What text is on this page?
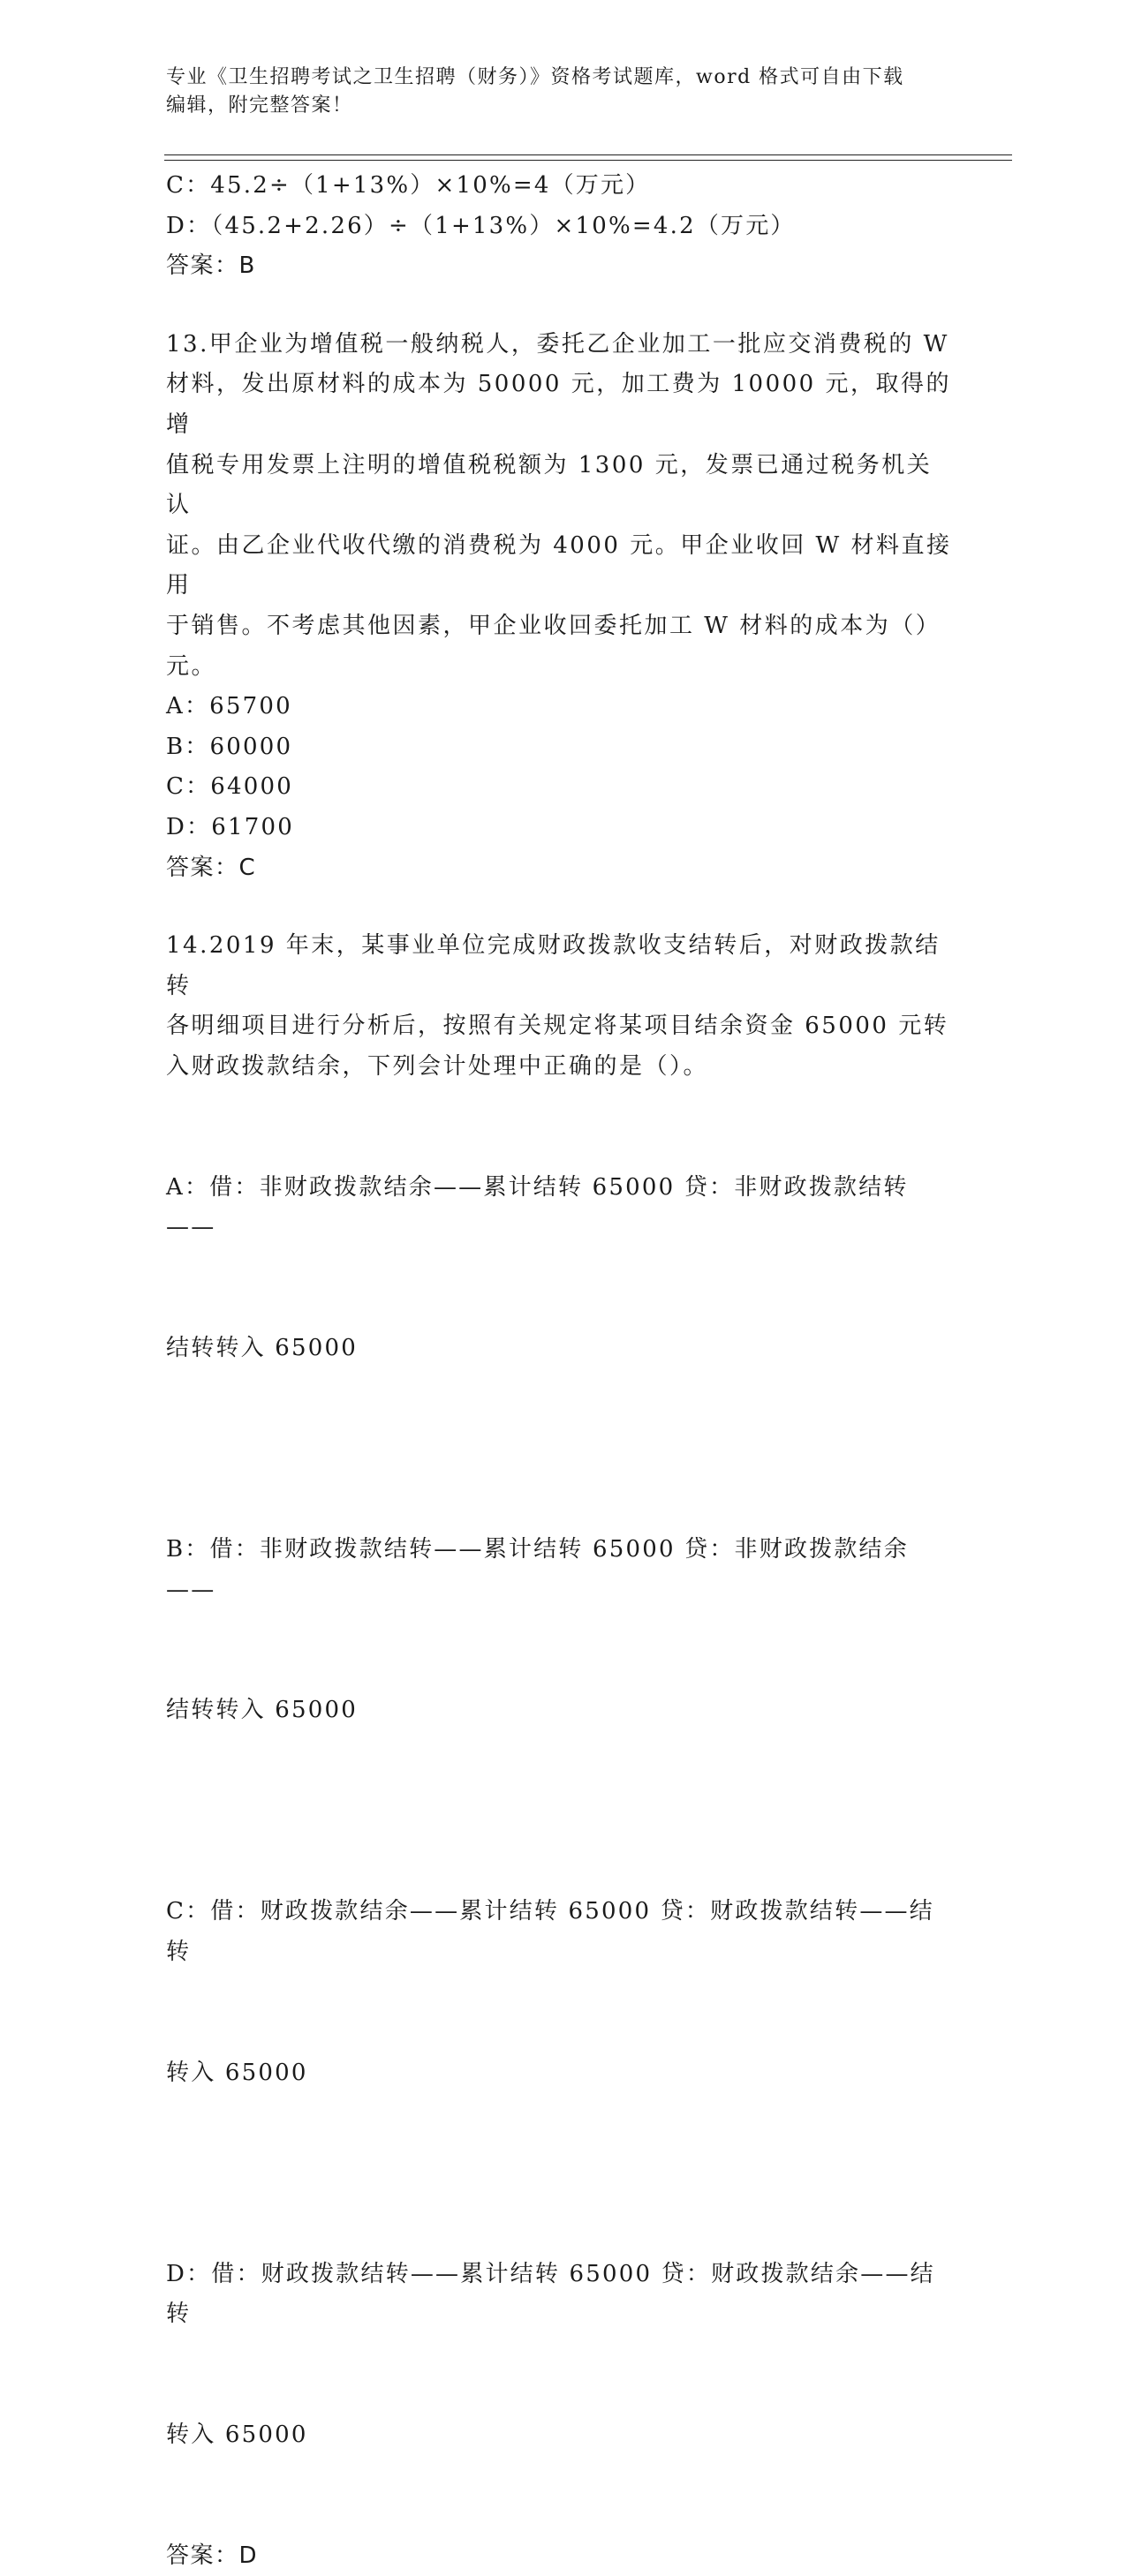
专业《卫生招聘考试之卫生招聘（财务）》资格考试题库，word 格式可自由下载
编辑，附完整答案！
C：45.2÷（1+13%）×10%=4（万元）
D：（45.2+2.26）÷（1+13%）×10%=4.2（万元）
答案：B
13.甲企业为增值税一般纳税人，委托乙企业加工一批应交消费税的 W
材料，发出原材料的成本为 50000 元，加工费为 10000 元，取得的增
值税专用发票上注明的增值税税额为 1300 元，发票已通过税务机关认
证。由乙企业代收代缴的消费税为 4000 元。甲企业收回 W 材料直接用
于销售。不考虑其他因素，甲企业收回委托加工 W 材料的成本为（）
元。
A：65700
B：60000
C：64000
D：61700
答案：C
14.2019 年末，某事业单位完成财政拨款收支结转后，对财政拨款结转
各明细项目进行分析后，按照有关规定将某项目结余资金 65000 元转
入财政拨款结余，下列会计处理中正确的是（）。

A：借：非财政拨款结余——累计结转 65000 贷：非财政拨款结转——

结转转入 65000

B：借：非财政拨款结转——累计结转 65000 贷：非财政拨款结余——

结转转入 65000

C：借：财政拨款结余——累计结转 65000 贷：财政拨款结转——结转

转入 65000

D：借：财政拨款结转——累计结转 65000 贷：财政拨款结余——结转

转入 65000

答案：D
